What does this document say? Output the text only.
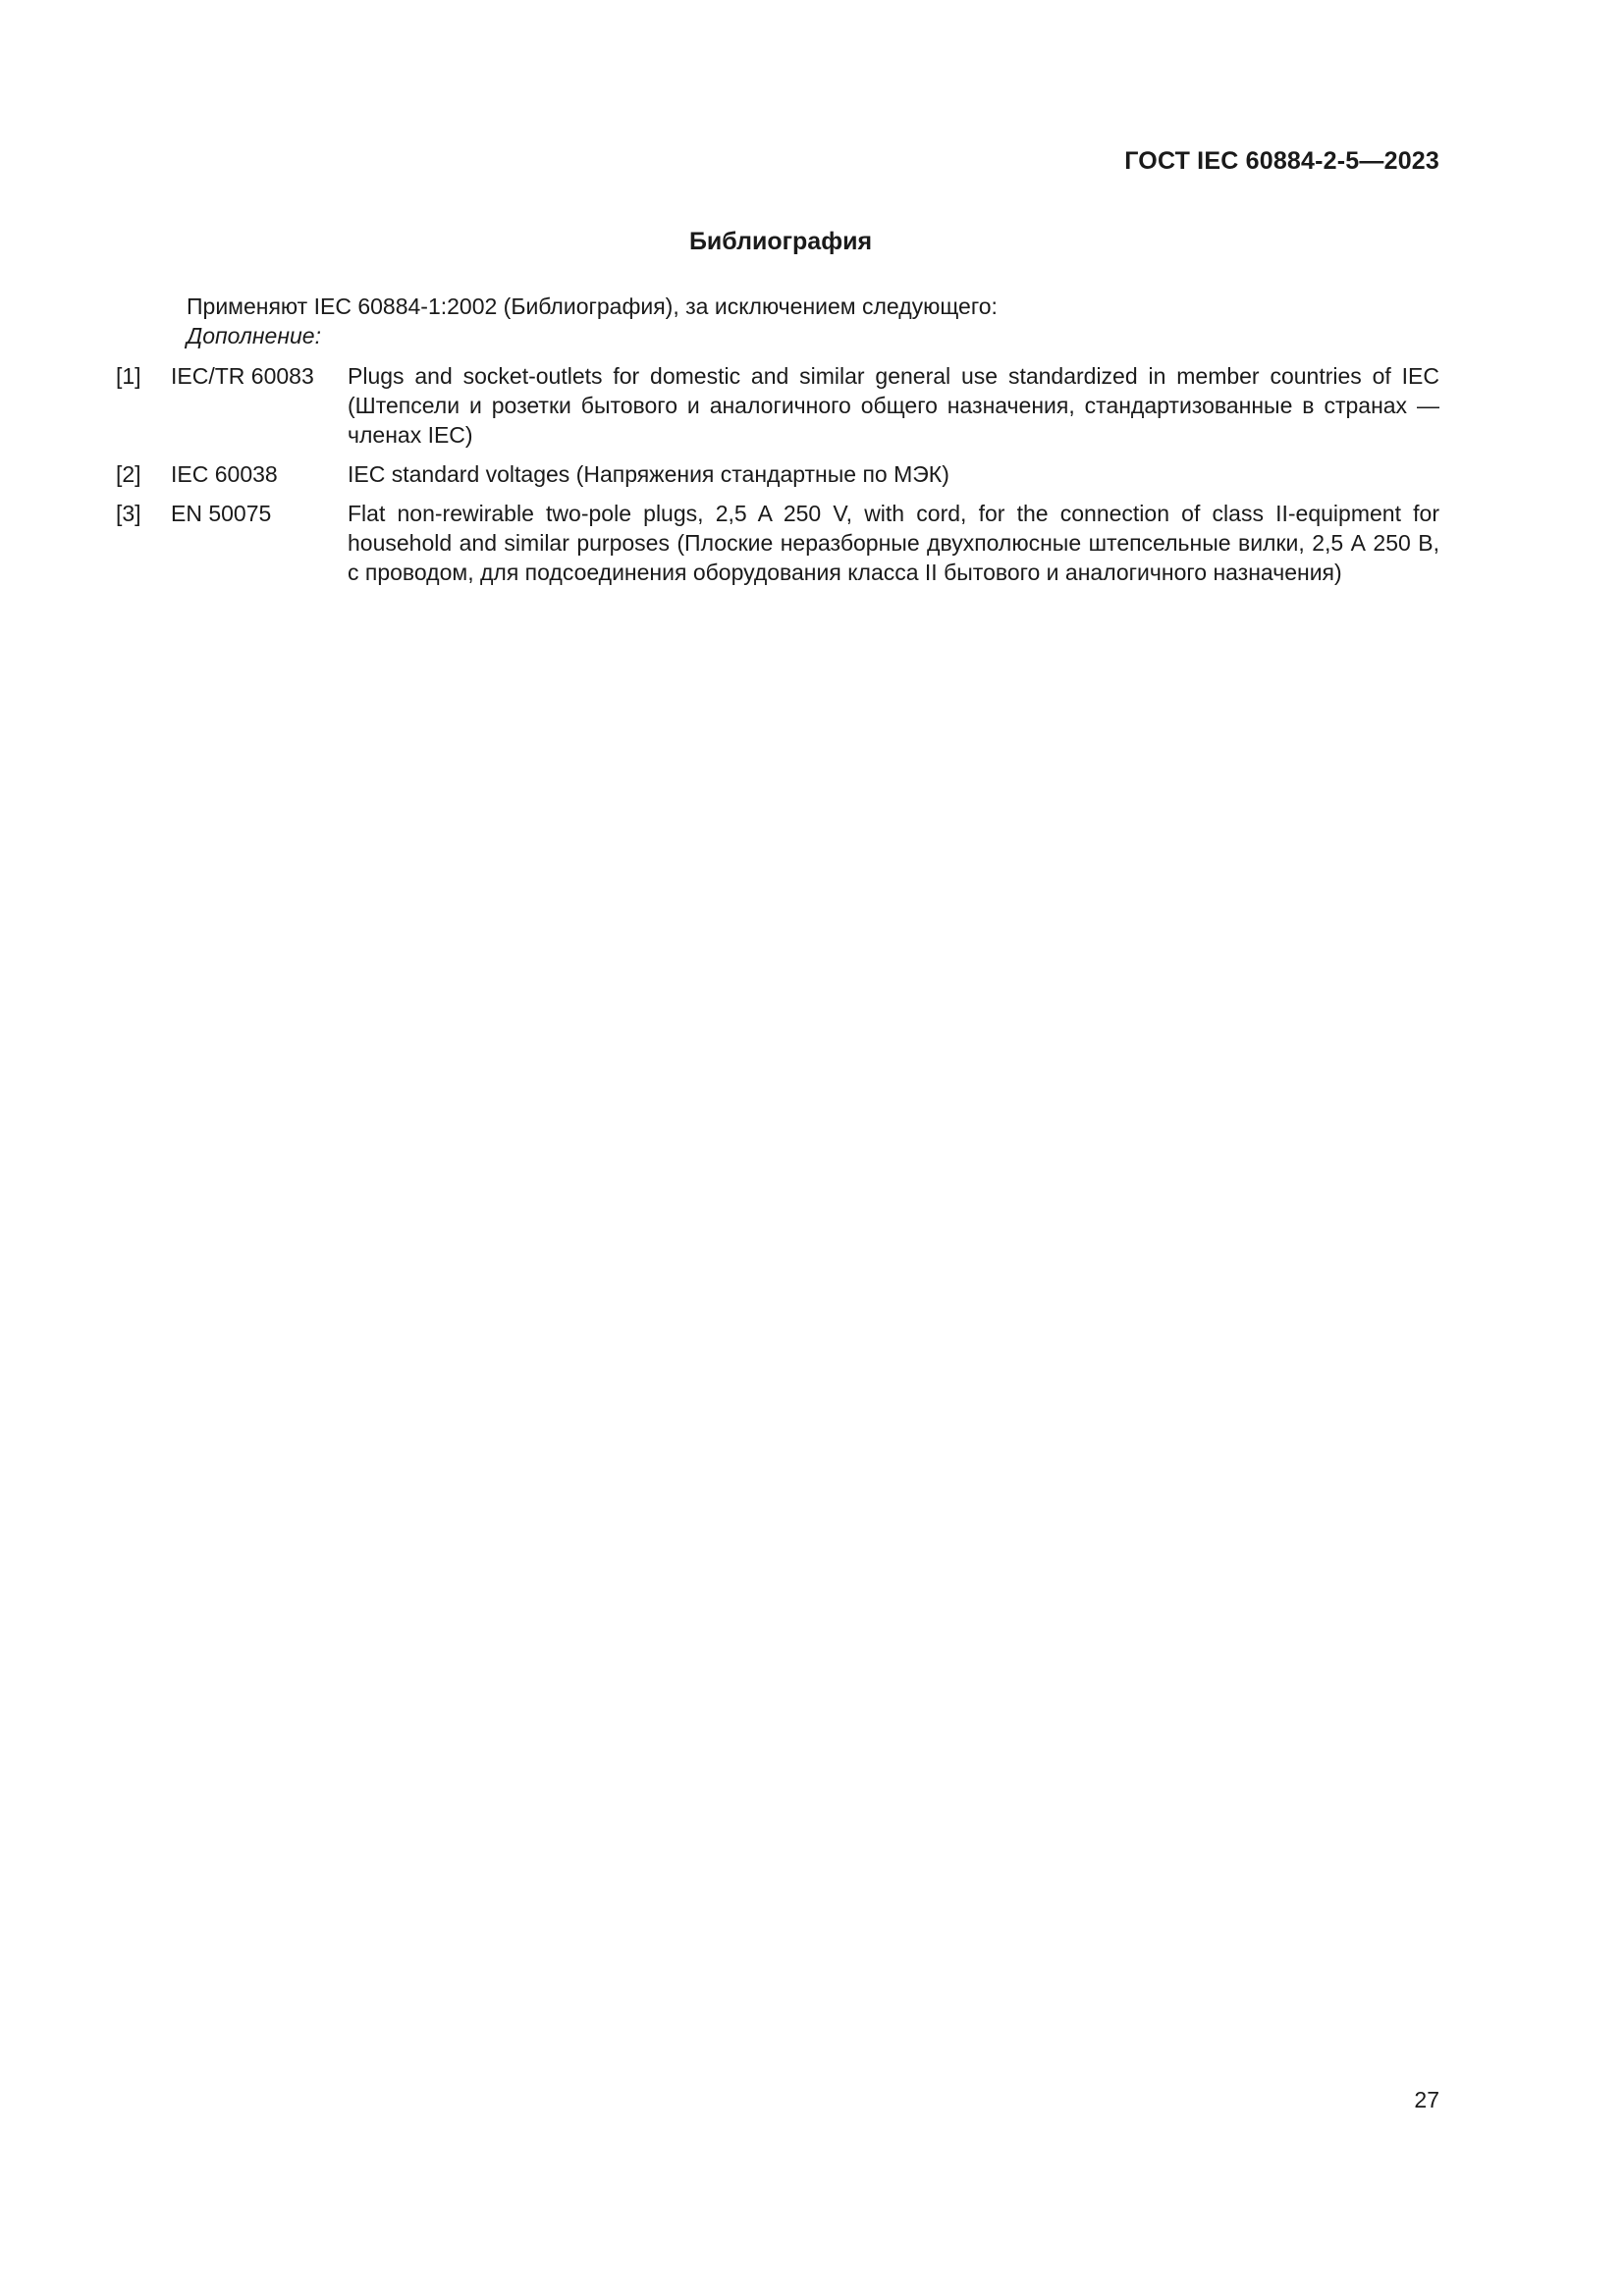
ГОСТ IEC 60884-2-5—2023
Библиография
Применяют IEC 60884-1:2002 (Библиография), за исключением следующего:
Дополнение:
[1]	IEC/TR 60083	Plugs and socket-outlets for domestic and similar general use standardized in member countries of IEC (Штепсели и розетки бытового и аналогичного общего назначения, стандартизованные в странах — членах IEC)
[2]	IEC 60038	IEC standard voltages (Напряжения стандартные по МЭК)
[3]	EN 50075	Flat non-rewirable two-pole plugs, 2,5 A 250 V, with cord, for the connection of class II-equipment for household and similar purposes (Плоские неразборные двухполюсные штепсельные вилки, 2,5 А 250 В, с проводом, для подсоединения оборудования класса II бытового и аналогичного назначения)
27
